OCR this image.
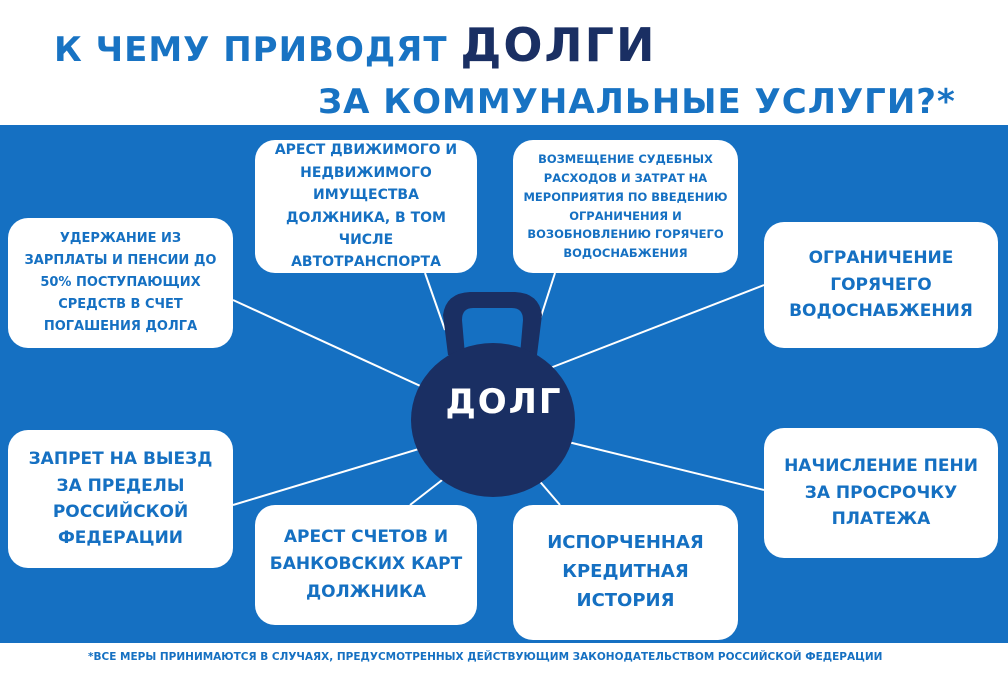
К ЧЕМУ ПРИВОДЯТ ДОЛГИ
ЗА КОММУНАЛЬНЫЕ УСЛУГИ?*
ДОЛГ
УДЕРЖАНИЕ ИЗ ЗАРПЛАТЫ И ПЕНСИИ ДО 50% ПОСТУПАЮЩИХ СРЕДСТВ В СЧЕТ ПОГАШЕНИЯ ДОЛГА
АРЕСТ ДВИЖИМОГО И НЕДВИЖИМОГО ИМУЩЕСТВА ДОЛЖНИКА, В ТОМ ЧИСЛЕ АВТОТРАНСПОРТА
ВОЗМЕЩЕНИЕ СУДЕБНЫХ РАСХОДОВ И ЗАТРАТ НА МЕРОПРИЯТИЯ ПО ВВЕДЕНИЮ ОГРАНИЧЕНИЯ И ВОЗОБНОВЛЕНИЮ ГОРЯЧЕГО ВОДОСНАБЖЕНИЯ	ОГРАНИЧЕНИЕ ГОРЯЧЕГО ВОДОСНАБЖЕНИЯ
ЗАПРЕТ НА ВЫЕЗД ЗА ПРЕДЕЛЫ РОССИЙСКОЙ ФЕДЕРАЦИИ	АРЕСТ СЧЕТОВ И БАНКОВСКИХ КАРТ ДОЛЖНИКА
ИСПОРЧЕННАЯ КРЕДИТНАЯ ИСТОРИЯ
НАЧИСЛЕНИЕ ПЕНИ ЗА ПРОСРОЧКУ ПЛАТЕЖА
*ВСЕ МЕРЫ ПРИНИМАЮТСЯ В СЛУЧАЯХ, ПРЕДУСМОТРЕННЫХ ДЕЙСТВУЮЩИМ ЗАКОНОДАТЕЛЬСТВОМ РОССИЙСКОЙ ФЕДЕРАЦИИ
